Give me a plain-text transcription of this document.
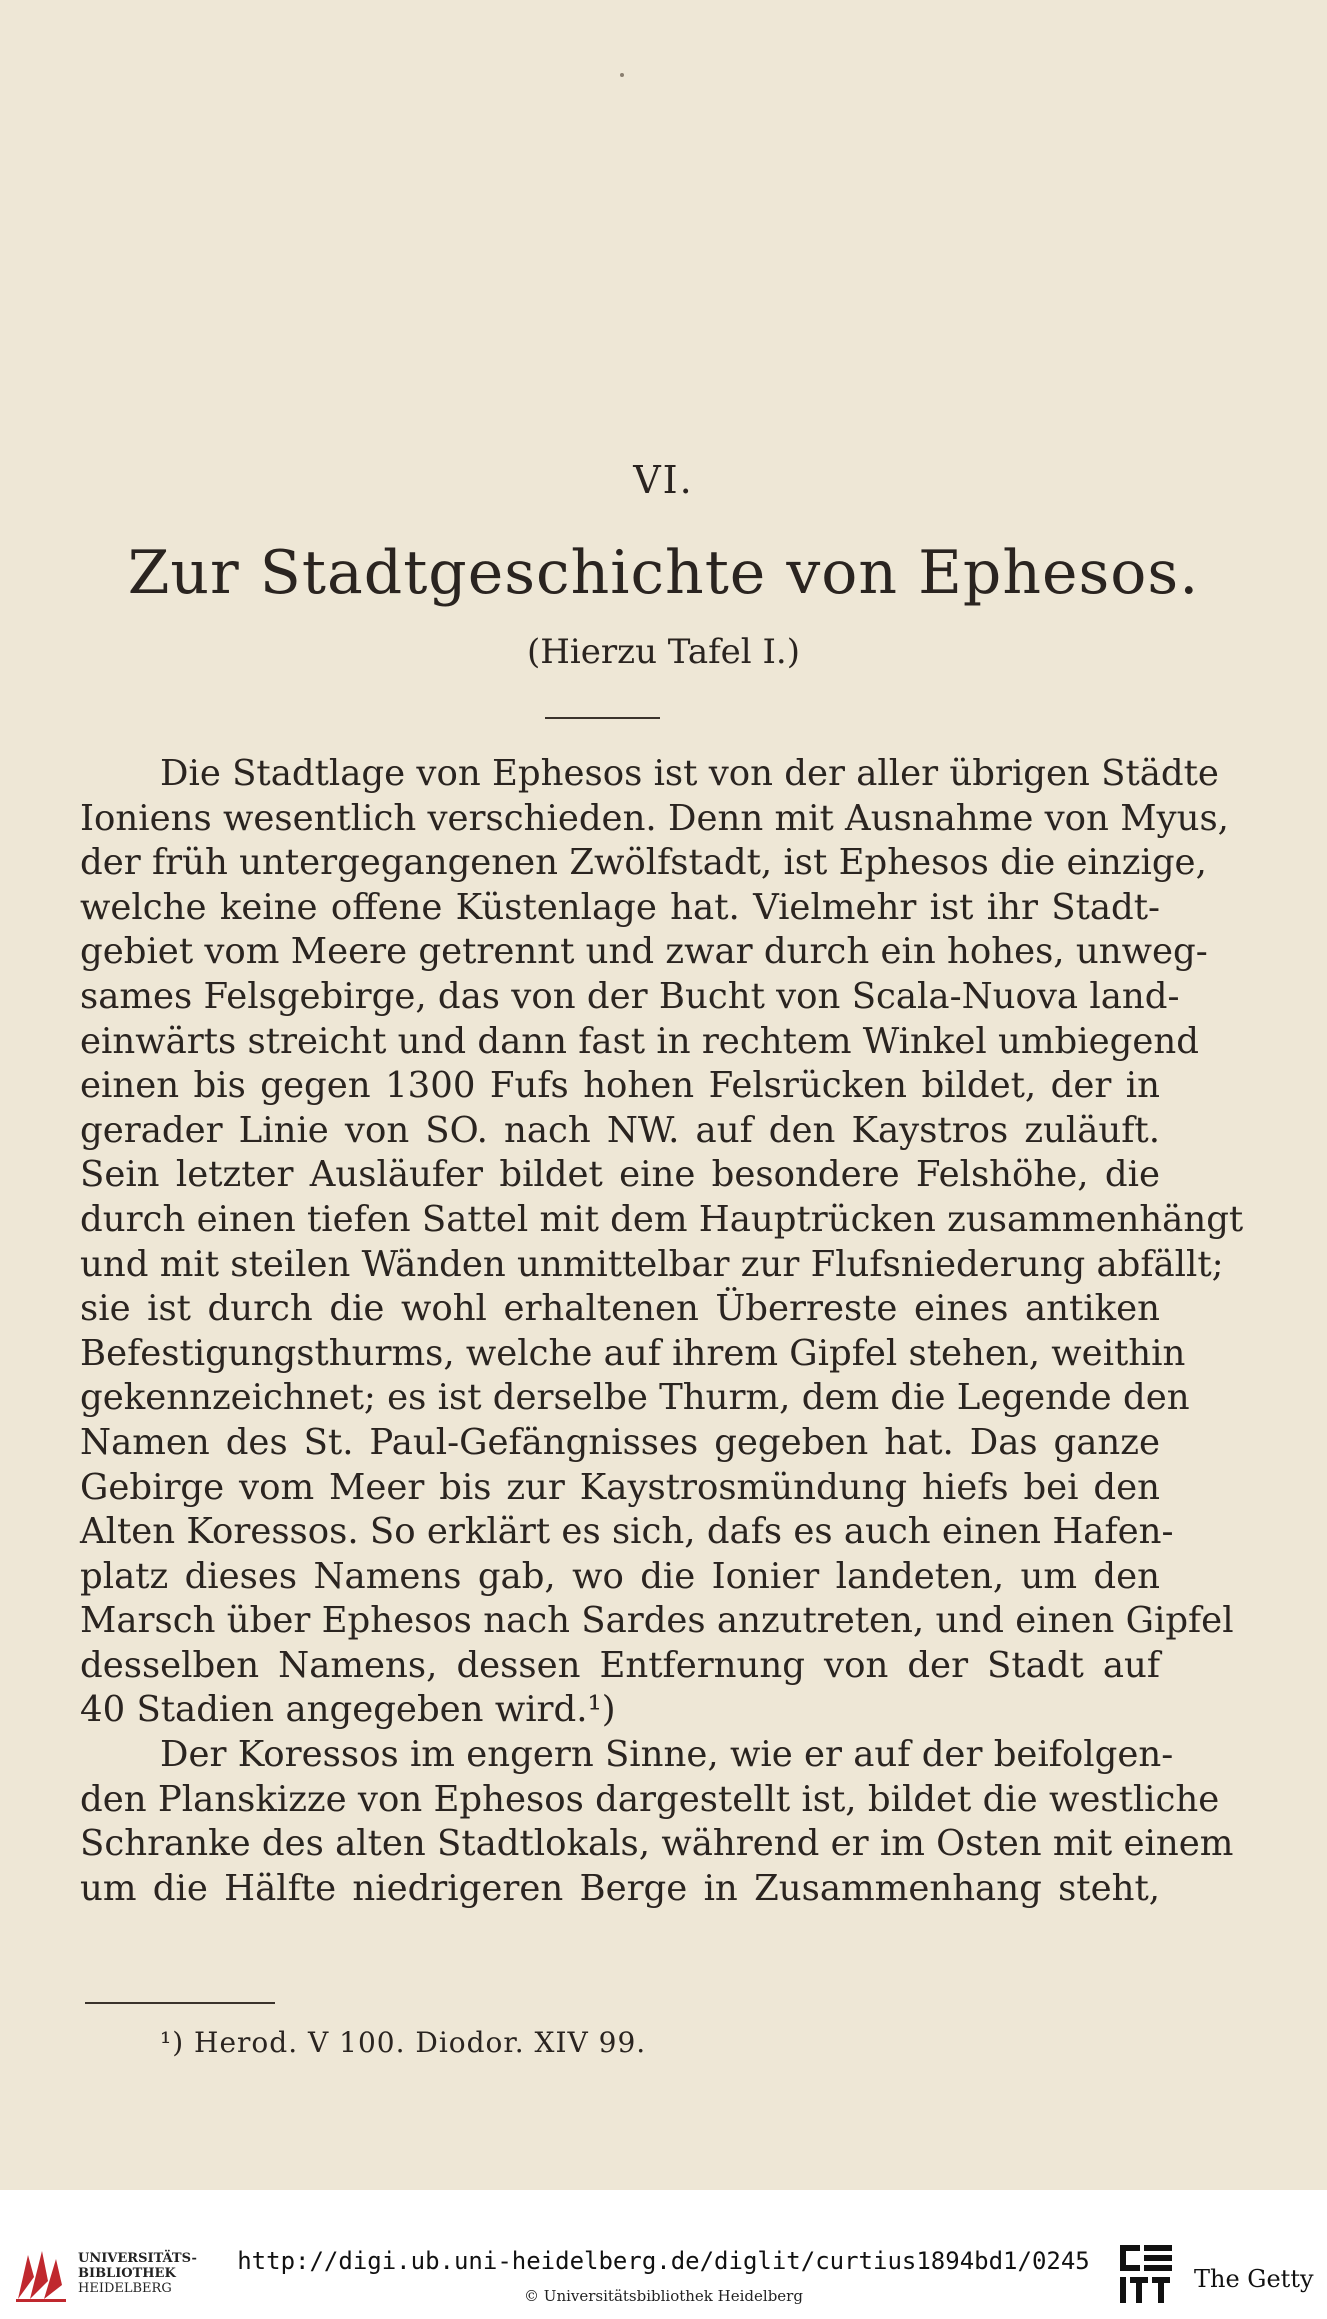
VI.
Zur Stadtgeschichte von Ephesos.
(Hierzu Tafel I.)
Die Stadtlage von Ephesos ist von der aller übrigen Städte
Ioniens wesentlich verschieden. Denn mit Ausnahme von Myus,
der früh untergegangenen Zwölfstadt, ist Ephesos die einzige,
welche keine offene Küstenlage hat. Vielmehr ist ihr Stadt-
gebiet vom Meere getrennt und zwar durch ein hohes, unweg-
sames Felsgebirge, das von der Bucht von Scala-Nuova land-
einwärts streicht und dann fast in rechtem Winkel umbiegend
einen bis gegen 1300 Fufs hohen Felsrücken bildet, der in
gerader Linie von SO. nach NW. auf den Kaystros zuläuft.
Sein letzter Ausläufer bildet eine besondere Felshöhe, die
durch einen tiefen Sattel mit dem Hauptrücken zusammenhängt
und mit steilen Wänden unmittelbar zur Flufsniederung abfällt;
sie ist durch die wohl erhaltenen Überreste eines antiken
Befestigungsthurms, welche auf ihrem Gipfel stehen, weithin
gekennzeichnet; es ist derselbe Thurm, dem die Legende den
Namen des St. Paul-Gefängnisses gegeben hat. Das ganze
Gebirge vom Meer bis zur Kaystrosmündung hiefs bei den
Alten Koressos. So erklärt es sich, dafs es auch einen Hafen-
platz dieses Namens gab, wo die Ionier landeten, um den
Marsch über Ephesos nach Sardes anzutreten, und einen Gipfel
desselben Namens, dessen Entfernung von der Stadt auf
40 Stadien angegeben wird.¹)
Der Koressos im engern Sinne, wie er auf der beifolgen-
den Planskizze von Ephesos dargestellt ist, bildet die westliche
Schranke des alten Stadtlokals, während er im Osten mit einem
um die Hälfte niedrigeren Berge in Zusammenhang steht,
¹) Herod. V 100. Diodor. XIV 99.
UNIVERSITÄTS-
BIBLIOTHEK
HEIDELBERG
http://digi.ub.uni-heidelberg.de/diglit/curtius1894bd1/0245
© Universitätsbibliothek Heidelberg
The Getty
